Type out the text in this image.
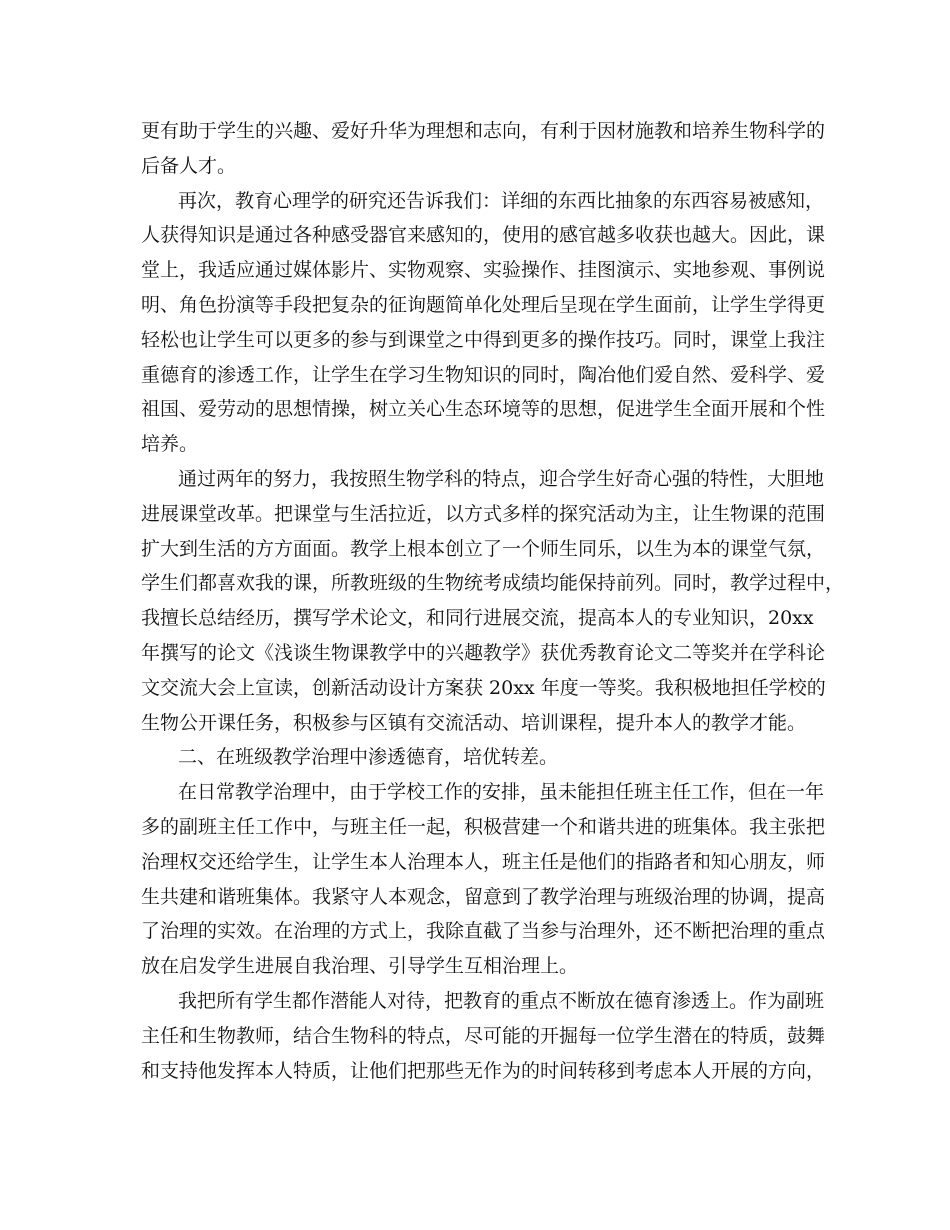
更有助于学生的兴趣、爱好升华为理想和志向，有利于因材施教和培养生物科学的
后备人才。
再次，教育心理学的研究还告诉我们：详细的东西比抽象的东西容易被感知，
人获得知识是通过各种感受器官来感知的，使用的感官越多收获也越大。因此，课
堂上，我适应通过媒体影片、实物观察、实验操作、挂图演示、实地参观、事例说
明、角色扮演等手段把复杂的征询题简单化处理后呈现在学生面前，让学生学得更
轻松也让学生可以更多的参与到课堂之中得到更多的操作技巧。同时，课堂上我注
重德育的渗透工作，让学生在学习生物知识的同时，陶冶他们爱自然、爱科学、爱
祖国、爱劳动的思想情操，树立关心生态环境等的思想，促进学生全面开展和个性
培养。
通过两年的努力，我按照生物学科的特点，迎合学生好奇心强的特性，大胆地
进展课堂改革。把课堂与生活拉近，以方式多样的探究活动为主，让生物课的范围
扩大到生活的方方面面。教学上根本创立了一个师生同乐，以生为本的课堂气氛，
学生们都喜欢我的课，所教班级的生物统考成绩均能保持前列。同时，教学过程中，
我擅长总结经历，撰写学术论文，和同行进展交流，提高本人的专业知识，20xx
年撰写的论文《浅谈生物课教学中的兴趣教学》获优秀教育论文二等奖并在学科论
文交流大会上宣读，创新活动设计方案获 20xx 年度一等奖。我积极地担任学校的
生物公开课任务，积极参与区镇有交流活动、培训课程，提升本人的教学才能。
二、在班级教学治理中渗透德育，培优转差。
在日常教学治理中，由于学校工作的安排，虽未能担任班主任工作，但在一年
多的副班主任工作中，与班主任一起，积极营建一个和谐共进的班集体。我主张把
治理权交还给学生，让学生本人治理本人，班主任是他们的指路者和知心朋友，师
生共建和谐班集体。我紧守人本观念，留意到了教学治理与班级治理的协调，提高
了治理的实效。在治理的方式上，我除直截了当参与治理外，还不断把治理的重点
放在启发学生进展自我治理、引导学生互相治理上。
我把所有学生都作潜能人对待，把教育的重点不断放在德育渗透上。作为副班
主任和生物教师，结合生物科的特点，尽可能的开掘每一位学生潜在的特质，鼓舞
和支持他发挥本人特质，让他们把那些无作为的时间转移到考虑本人开展的方向，
